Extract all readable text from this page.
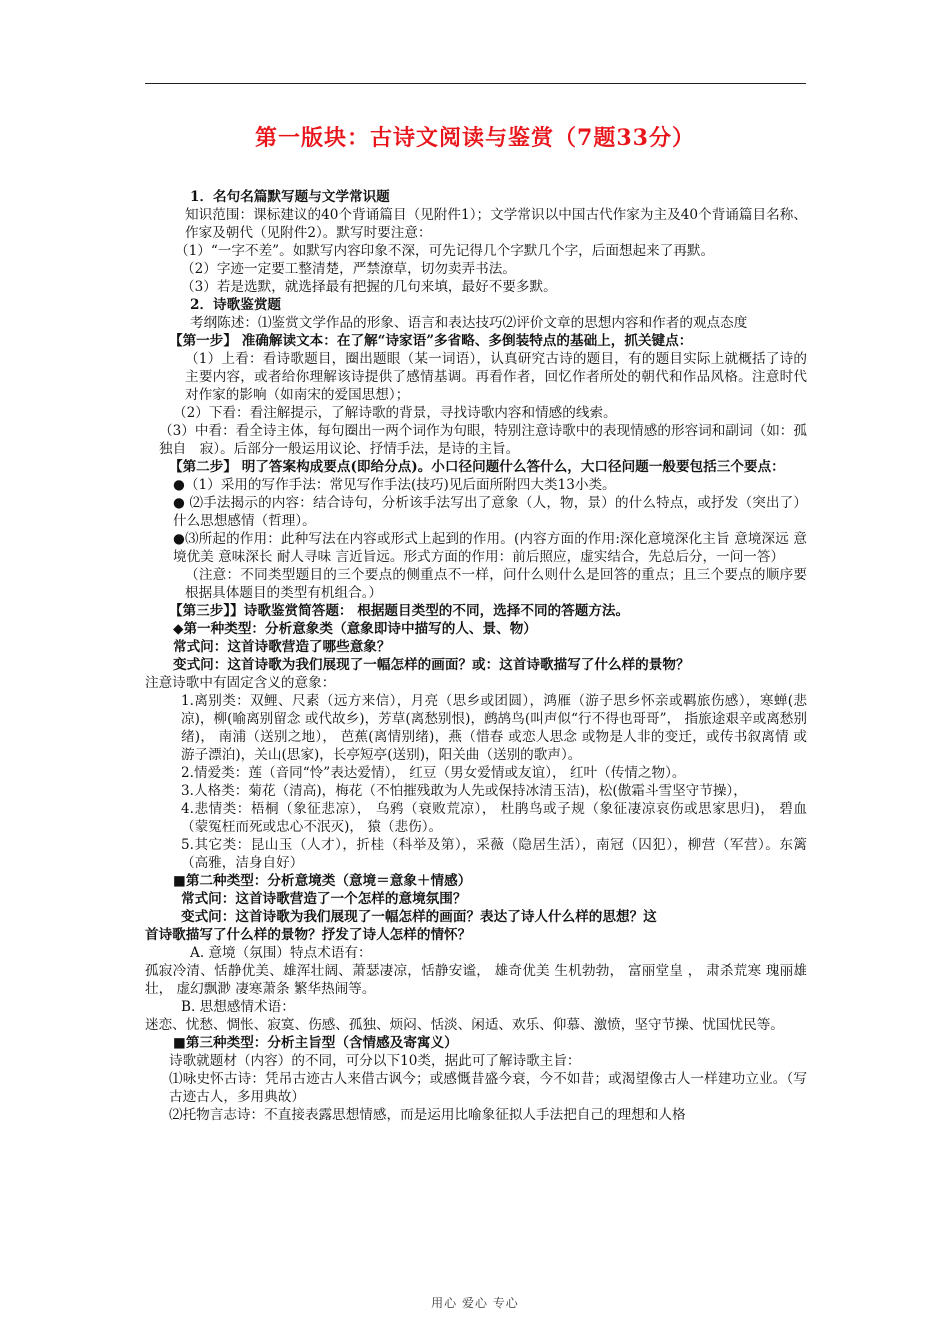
第一版块：古诗文阅读与鉴赏（7题33分）

1．名句名篇默写题与文学常识题

知识范围：课标建议的40个背诵篇目（见附件1）；文学常识以中国古代作家为主及40个背诵篇目名称、作家及朝代（见附件2）。默写时要注意：

（1）“一字不差”。如默写内容印象不深，可先记得几个字默几个字，后面想起来了再默。

（2）字迹一定要工整清楚，严禁潦草，切勿卖弄书法。

（3）若是选默，就选择最有把握的几句来填，最好不要多默。

2．诗歌鉴赏题

考纲陈述：⑴鉴赏文学作品的形象、语言和表达技巧⑵评价文章的思想内容和作者的观点态度

【第一步】 准确解读文本：在了解“诗家语”多省略、多倒装特点的基础上，抓关键点：

（1）上看：看诗歌题目，圈出题眼（某一词语），认真研究古诗的题目，有的题目实际上就概括了诗的主要内容，或者给你理解该诗提供了感情基调。再看作者，回忆作者所处的朝代和作品风格。注意时代对作家的影响（如南宋的爱国思想）；

（2）下看：看注解提示，了解诗歌的背景，寻找诗歌内容和情感的线索。

（3）中看：看全诗主体，每句圈出一两个词作为句眼，特别注意诗歌中的表现情感的形容词和副词（如：孤独自　寂）。后部分一般运用议论、抒情手法，是诗的主旨。

【第二步】 明了答案构成要点(即给分点)。小口径问题什么答什么，大口径问题一般要包括三个要点：

●（1）采用的写作手法：常见写作手法(技巧)见后面所附四大类13小类。

● ⑵手法揭示的内容：结合诗句，分析该手法写出了意象（人，物，景）的什么特点，或抒发（突出了）什么思想感情（哲理）。

●⑶所起的作用：此种写法在内容或形式上起到的作用。(内容方面的作用:深化意境深化主旨 意境深远 意境优美 意味深长 耐人寻味 言近旨远。形式方面的作用：前后照应，虚实结合，先总后分，一问一答）

（注意：不同类型题目的三个要点的侧重点不一样，问什么则什么是回答的重点；且三个要点的顺序要根据具体题目的类型有机组合。）

【第三步】】诗歌鉴赏简答题： 根据题目类型的不同，选择不同的答题方法。

◆第一种类型：分析意象类（意象即诗中描写的人、景、物）

常式问：这首诗歌营造了哪些意象？

变式问：这首诗歌为我们展现了一幅怎样的画面？或：这首诗歌描写了什么样的景物？

注意诗歌中有固定含义的意象：

1.离别类：双鲤、尺素（远方来信），月亮（思乡或团圆），鸿雁（游子思乡怀亲或羁旅伤感），寒蝉(悲凉)，柳(喻离别留念 或代故乡)，芳草(离愁别恨)，鹧鸪鸟(叫声似“行不得也哥哥”， 指旅途艰辛或离愁别绪)， 南浦（送别之地）， 芭蕉(离情别绪)，燕（惜春 或恋人思念 或物是人非的变迁，或传书叙离情 或游子漂泊)，关山(思家)，长亭短亭(送别)，阳关曲（送别的歌声）。

2.情爱类：莲（音同“怜”表达爱情）， 红豆（男女爱情或友谊）， 红叶（传情之物）。

3.人格类：菊花（清高)，梅花（不怕摧残敢为人先或保持冰清玉洁)，松(傲霜斗雪坚守节操），

4.悲情类：梧桐（象征悲凉）， 乌鸦（衰败荒凉）， 杜鹃鸟或子规（象征凄凉哀伤或思家思归)， 碧血（蒙冤枉而死或忠心不泯灭)， 猿（悲伤）。

5.其它类：昆山玉（人才），折桂（科举及第），采薇（隐居生活），南冠（囚犯），柳营（军营）。东篱（高雅，洁身自好）

■第二种类型：分析意境类（意境＝意象＋情感）

常式问：这首诗歌营造了一个怎样的意境氛围？

变式问：这首诗歌为我们展现了一幅怎样的画面？表达了诗人什么样的思想？这

首诗歌描写了什么样的景物？抒发了诗人怎样的情怀？

A. 意境（氛围）特点术语有：

孤寂冷清、恬静优美、雄浑壮阔、萧瑟凄凉，恬静安谧， 雄奇优美 生机勃勃， 富丽堂皇 ， 肃杀荒寒 瑰丽雄壮， 虚幻飘渺 凄寒萧条 繁华热闹等。

B. 思想感情术语：

迷恋、忧愁、惆怅、寂寞、伤感、孤独、烦闷、恬淡、闲适、欢乐、仰慕、激愤，坚守节操、忧国忧民等。

■第三种类型：分析主旨型（含情感及寄寓义）

诗歌就题材（内容）的不同，可分以下10类，据此可了解诗歌主旨：

⑴咏史怀古诗：凭吊古迹古人来借古讽今；或感慨昔盛今衰，今不如昔；或渴望像古人一样建功立业。（写古迹古人，多用典故）

⑵托物言志诗：不直接表露思想情感，而是运用比喻象征拟人手法把自己的理想和人格

用心 爱心 专心
